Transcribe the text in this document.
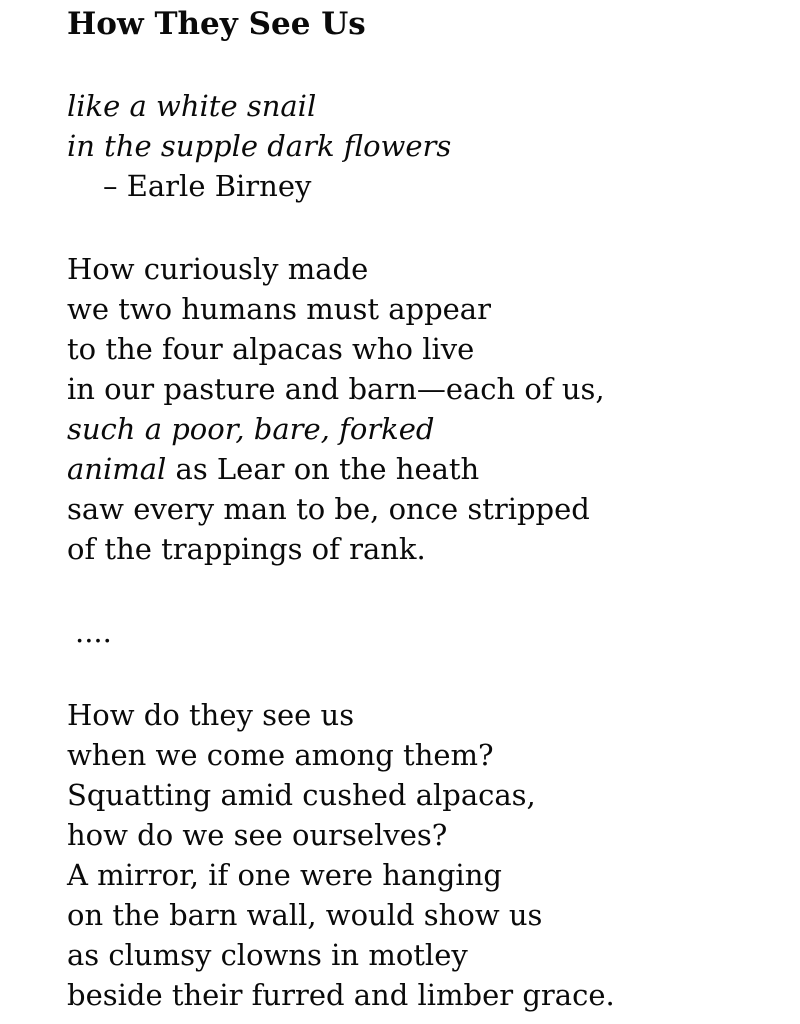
How They See Us
like a white snail
in the supple dark flowers
– Earle Birney
How curiously made
we two humans must appear
to the four alpacas who live
in our pasture and barn—each of us,
such a poor, bare, forked
animal as Lear on the heath
saw every man to be, once stripped
of the trappings of rank.
....
How do they see us
when we come among them?
Squatting amid cushed alpacas,
how do we see ourselves?
A mirror, if one were hanging
on the barn wall, would show us
as clumsy clowns in motley
beside their furred and limber grace.
